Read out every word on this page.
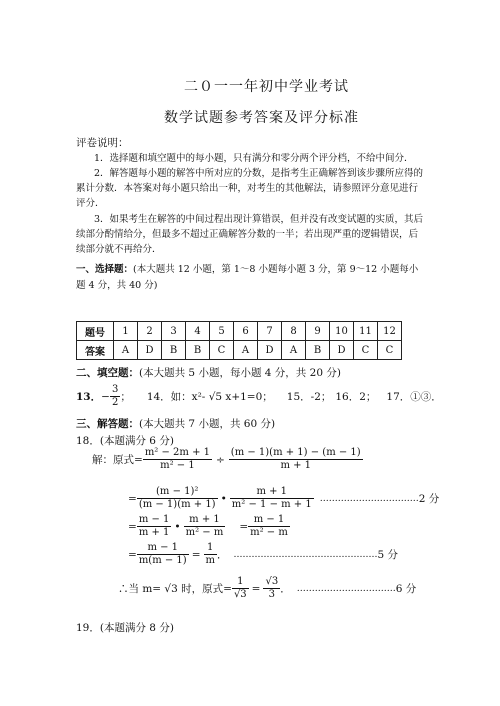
二０一一年初中学业考试
数学试题参考答案及评分标准
评卷说明：
1．选择题和填空题中的每小题，只有满分和零分两个评分档，不给中间分．
2．解答题每小题的解答中所对应的分数，是指考生正确解答到该步骤所应得的累计分数．本答案对每小题只给出一种，对考生的其他解法，请参照评分意见进行评分．
3．如果考生在解答的中间过程出现计算错误，但并没有改变试题的实质，其后续部分酌情给分，但最多不超过正确解答分数的一半；若出现严重的逻辑错误，后续部分就不再给分．
一、选择题：(本大题共 12 小题，第 1～8 小题每小题 3 分，第 9～12 小题每小题 4 分，共 40 分)
题号	1	2	3	4	5	6	7	8	9	10	11	12
答案	A	D	B	B	C	A	D	A	B	D	C	C
二、填空题：(本大题共 5 小题，每小题 4 分，共 20 分)
13． − $\frac{3}{2}$ ； 14．如：x²- √5 x+1=0； 15．-2； 16．2； 17．①③．
三、解答题：(本大题共 7 小题，共 60 分)
18．(本题满分 6 分)
解：原式= $\frac{\text{m² − 2m + 1}}{\text{m² − 1}} \div \frac{(m - 1)(m + 1) - (m - 1)}{m + 1}$
= $\frac{\text{(m − 1)²}}{(m - 1)(m + 1)}$ • $\frac{m + 1}{\text{m² − 1 − m + 1}}$ …………………………… 2 分
= $\frac{m - 1}{m + 1}$ • $\frac{m + 1}{\text{m² − m}} = \frac{m - 1}{\text{m² − m}}$
= $\frac{m - 1}{m(m - 1)} = \frac{1}{m}$ ． ………………………………………… 5 分
∴当 m= √3 时，原式= $\frac{1}{√3} = \frac{√3}{3}$ ． …………………………… 6 分
19．(本题满分 8 分)
